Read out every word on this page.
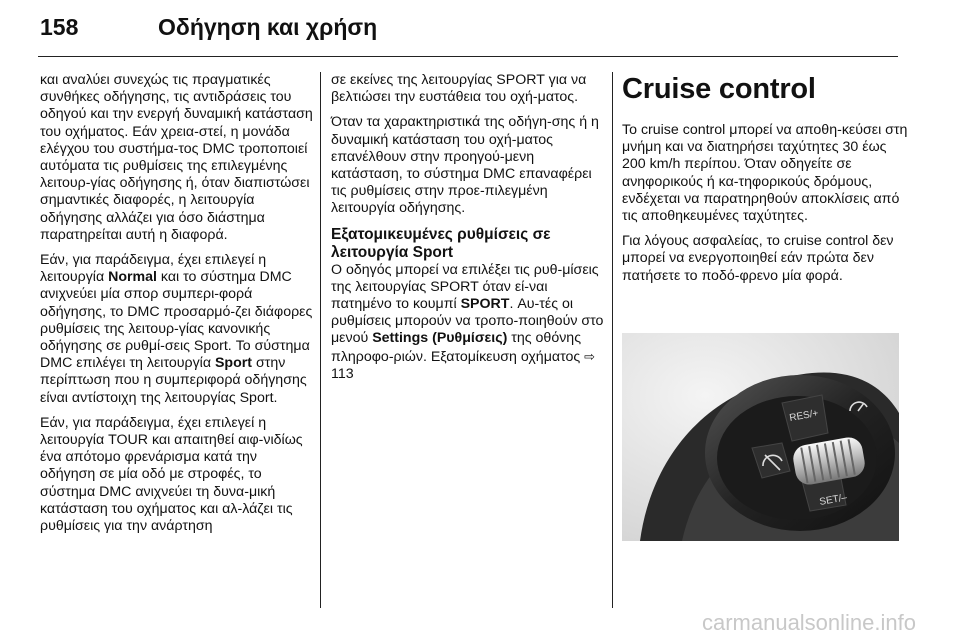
158	Οδήγηση και χρήση

και αναλύει συνεχώς τις πραγματικές συνθήκες οδήγησης, τις αντιδράσεις του οδηγού και την ενεργή δυναμική κατάσταση του οχήματος. Εάν χρεια-στεί, η μονάδα ελέγχου του συστήμα-τος DMC τροποποιεί αυτόματα τις ρυθμίσεις της επιλεγμένης λειτουρ-γίας οδήγησης ή, όταν διαπιστώσει σημαντικές διαφορές, η λειτουργία οδήγησης αλλάζει για όσο διάστημα παρατηρείται αυτή η διαφορά.

Εάν, για παράδειγμα, έχει επιλεγεί η λειτουργία Normal και το σύστημα DMC ανιχνεύει μία σπορ συμπερι-φορά οδήγησης, το DMC προσαρμό-ζει διάφορες ρυθμίσεις της λειτουρ-γίας κανονικής οδήγησης σε ρυθμί-σεις Sport. Το σύστημα DMC επιλέγει τη λειτουργία Sport στην περίπτωση που η συμπεριφορά οδήγησης είναι αντίστοιχη της λειτουργίας Sport.

Εάν, για παράδειγμα, έχει επιλεγεί η λειτουργία TOUR και απαιτηθεί αιφ-νιδίως ένα απότομο φρενάρισμα κατά την οδήγηση σε μία οδό με στροφές, το σύστημα DMC ανιχνεύει τη δυνα-μική κατάσταση του οχήματος και αλ-λάζει τις ρυθμίσεις για την ανάρτηση

σε εκείνες της λειτουργίας SPORT για να βελτιώσει την ευστάθεια του οχή-ματος.

Όταν τα χαρακτηριστικά της οδήγη-σης ή η δυναμική κατάσταση του οχή-ματος επανέλθουν στην προηγού-μενη κατάσταση, το σύστημα DMC επαναφέρει τις ρυθμίσεις στην προε-πιλεγμένη λειτουργία οδήγησης.

Εξατομικευμένες ρυθμίσεις σε λειτουργία Sport

Ο οδηγός μπορεί να επιλέξει τις ρυθ-μίσεις της λειτουργίας SPORT όταν εί-ναι πατημένο το κουμπί SPORT. Αυ-τές οι ρυθμίσεις μπορούν να τροπο-ποιηθούν στο μενού Settings (Ρυθμίσεις) της οθόνης πληροφο-ριών. Εξατομίκευση οχήματος ⇨ 113

Cruise control

Το cruise control μπορεί να αποθη-κεύσει στη μνήμη και να διατηρήσει ταχύτητες 30 έως 200 km/h περίπου. Όταν οδηγείτε σε ανηφορικούς ή κα-τηφορικούς δρόμους, ενδέχεται να παρατηρηθούν αποκλίσεις από τις αποθηκευμένες ταχύτητες.

Για λόγους ασφαλείας, το cruise control δεν μπορεί να ενεργοποιηθεί εάν πρώτα δεν πατήσετε το ποδό-φρενο μία φορά.

RES/+
SET/–
carmanualsonline.info
